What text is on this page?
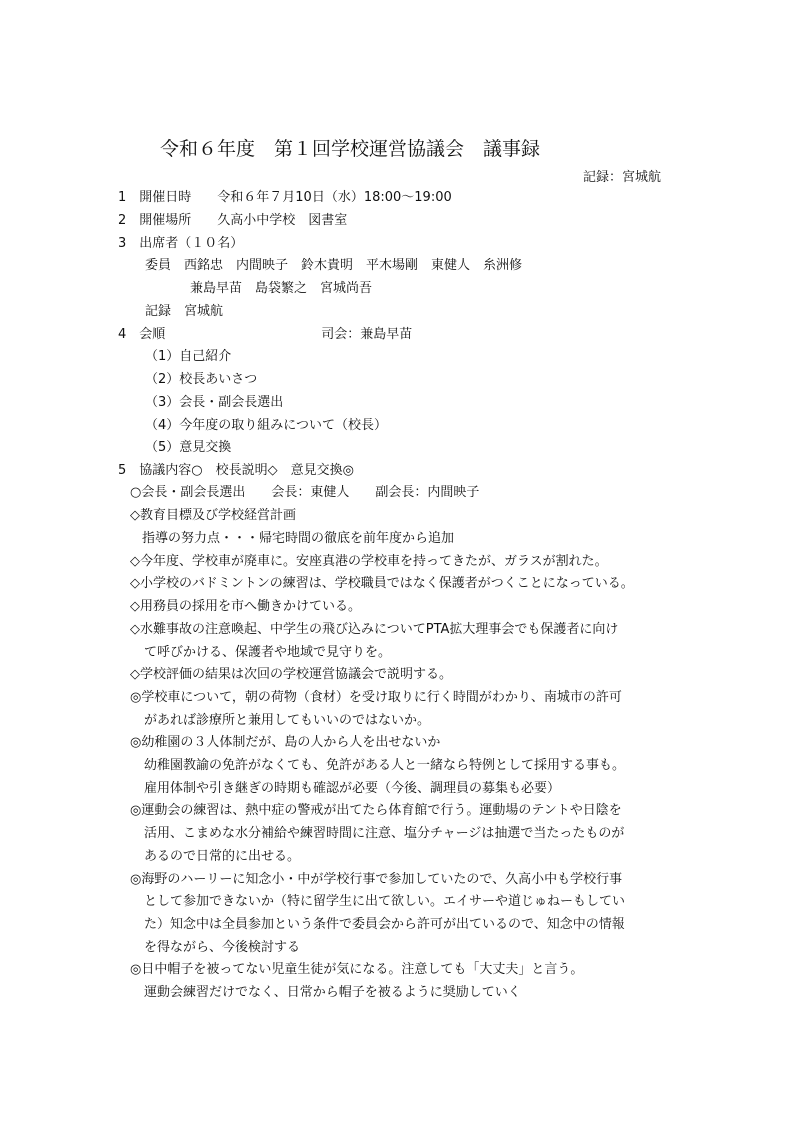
令和６年度　第１回学校運営協議会　議事録
記録：宮城航
1　開催日時　　令和６年７月10日（水）18:00～19:00
2　開催場所　　久高小中学校　図書室
3　出席者（１０名）
委員　西銘忠　内間映子　鈴木貴明　平木場剛　東健人　糸洲修
兼島早苗　島袋繁之　宮城尚吾
記録　宮城航
4　会順　　　　　　　　　　　　司会：兼島早苗
（1）自己紹介
（2）校長あいさつ
（3）会長・副会長選出
（4）今年度の取り組みについて（校長）
（5）意見交換
5　協議内容○　校長説明◇　意見交換◎
○会長・副会長選出　　会長：東健人　　副会長：内間映子
◇教育目標及び学校経営計画
指導の努力点・・・帰宅時間の徹底を前年度から追加
◇今年度、学校車が廃車に。安座真港の学校車を持ってきたが、ガラスが割れた。
◇小学校のバドミントンの練習は、学校職員ではなく保護者がつくことになっている。
◇用務員の採用を市へ働きかけている。
◇水難事故の注意喚起、中学生の飛び込みについてPTA拡大理事会でも保護者に向け
て呼びかける、保護者や地域で見守りを。
◇学校評価の結果は次回の学校運営協議会で説明する。
◎学校車について，朝の荷物（食材）を受け取りに行く時間がわかり、南城市の許可
があれば診療所と兼用してもいいのではないか。
◎幼稚園の３人体制だが、島の人から人を出せないか
幼稚園教諭の免許がなくても、免許がある人と一緒なら特例として採用する事も。
雇用体制や引き継ぎの時期も確認が必要（今後、調理員の募集も必要）
◎運動会の練習は、熱中症の警戒が出てたら体育館で行う。運動場のテントや日陰を
活用、こまめな水分補給や練習時間に注意、塩分チャージは抽選で当たったものが
あるので日常的に出せる。
◎海野のハーリーに知念小・中が学校行事で参加していたので、久高小中も学校行事
として参加できないか（特に留学生に出て欲しい。エイサーや道じゅねーもしてい
た）知念中は全員参加という条件で委員会から許可が出ているので、知念中の情報
を得ながら、今後検討する
◎日中帽子を被ってない児童生徒が気になる。注意しても「大丈夫」と言う。
運動会練習だけでなく、日常から帽子を被るように奨励していく
